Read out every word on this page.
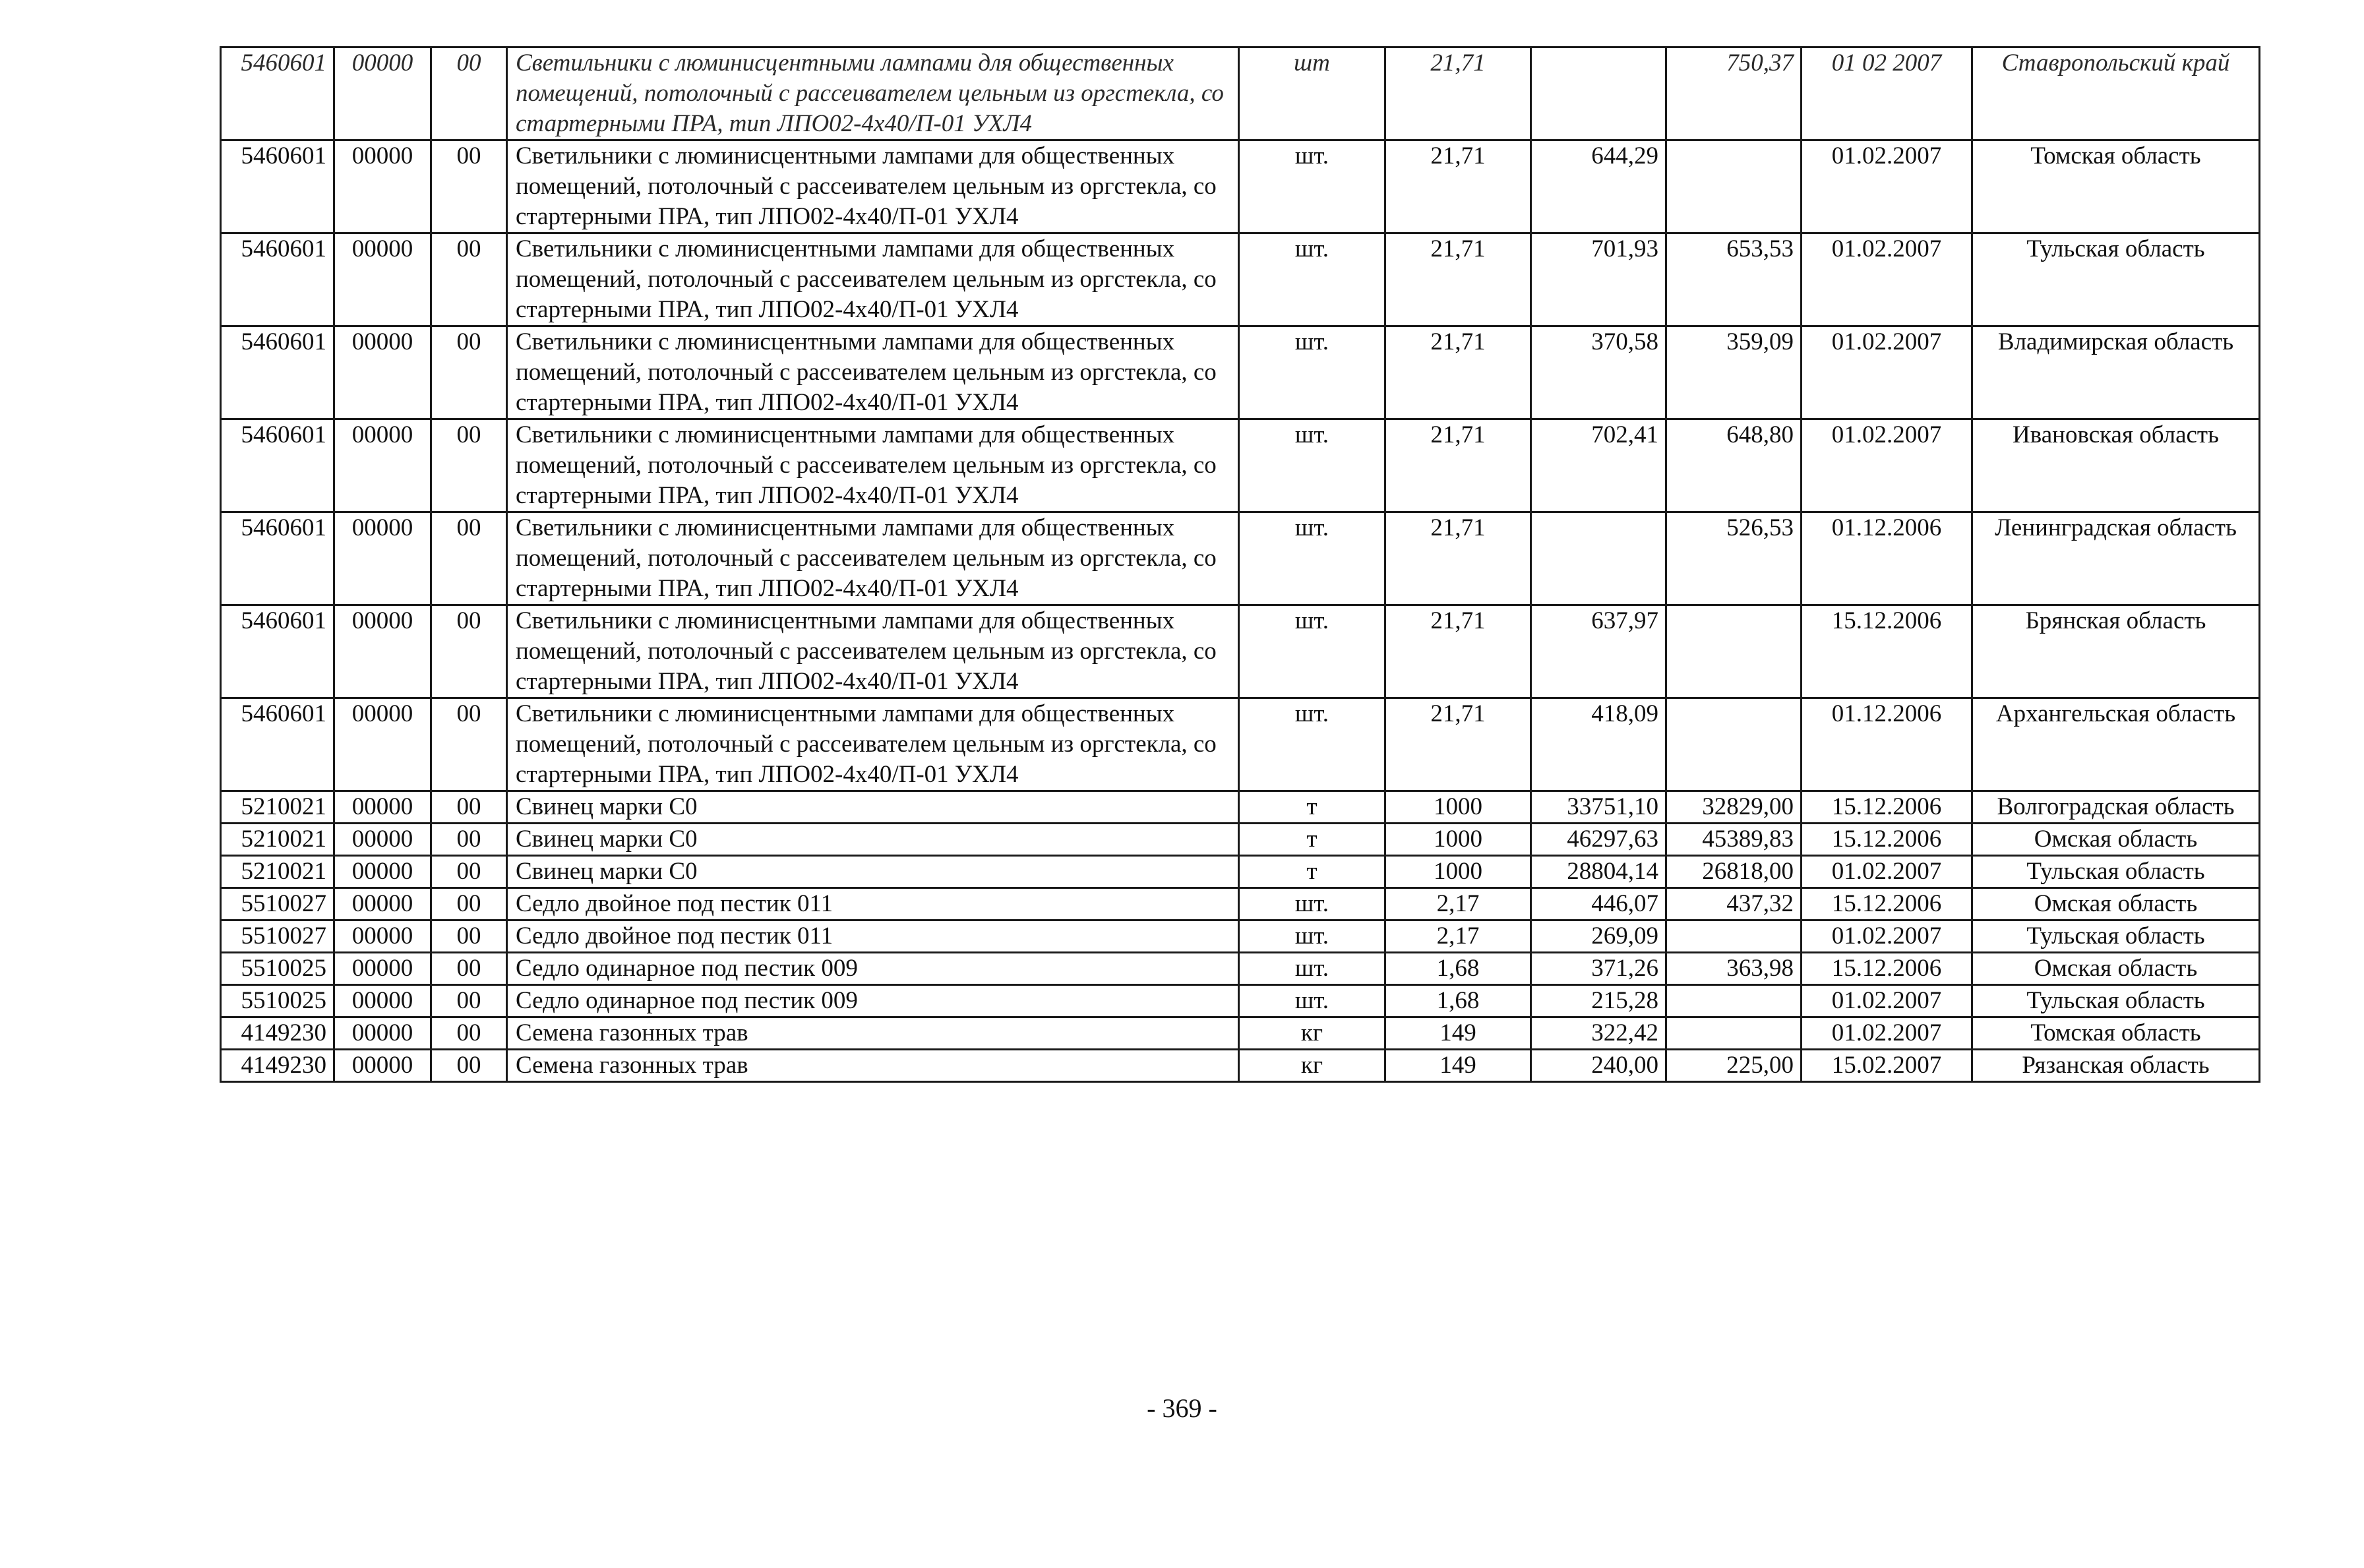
5460601	00000	00	Светильники с люминисцентными лампами для общественных помещений, потолочный с рассеивателем цельным из оргстекла, со стартерными ПРА, тип ЛПО02-4х40/П-01 УХЛ4	шт	21,71		750,37	01 02 2007	Ставропольский край
5460601	00000	00	Светильники с люминисцентными лампами для общественных помещений, потолочный с рассеивателем цельным из оргстекла, со стартерными ПРА, тип ЛПО02-4х40/П-01 УХЛ4	шт.	21,71	644,29		01.02.2007	Томская область
5460601	00000	00	Светильники с люминисцентными лампами для общественных помещений, потолочный с рассеивателем цельным из оргстекла, со стартерными ПРА, тип ЛПО02-4х40/П-01 УХЛ4	шт.	21,71	701,93	653,53	01.02.2007	Тульская область
5460601	00000	00	Светильники с люминисцентными лампами для общественных помещений, потолочный с рассеивателем цельным из оргстекла, со стартерными ПРА, тип ЛПО02-4х40/П-01 УХЛ4	шт.	21,71	370,58	359,09	01.02.2007	Владимирская область
5460601	00000	00	Светильники с люминисцентными лампами для общественных помещений, потолочный с рассеивателем цельным из оргстекла, со стартерными ПРА, тип ЛПО02-4х40/П-01 УХЛ4	шт.	21,71	702,41	648,80	01.02.2007	Ивановская область
5460601	00000	00	Светильники с люминисцентными лампами для общественных помещений, потолочный с рассеивателем цельным из оргстекла, со стартерными ПРА, тип ЛПО02-4х40/П-01 УХЛ4	шт.	21,71		526,53	01.12.2006	Ленинградская область
5460601	00000	00	Светильники с люминисцентными лампами для общественных помещений, потолочный с рассеивателем цельным из оргстекла, со стартерными ПРА, тип ЛПО02-4х40/П-01 УХЛ4	шт.	21,71	637,97		15.12.2006	Брянская область
5460601	00000	00	Светильники с люминисцентными лампами для общественных помещений, потолочный с рассеивателем цельным из оргстекла, со стартерными ПРА, тип ЛПО02-4х40/П-01 УХЛ4	шт.	21,71	418,09		01.12.2006	Архангельская область
5210021	00000	00	Свинец марки С0	т	1000	33751,10	32829,00	15.12.2006	Волгоградская область
5210021	00000	00	Свинец марки С0	т	1000	46297,63	45389,83	15.12.2006	Омская область
5210021	00000	00	Свинец марки С0	т	1000	28804,14	26818,00	01.02.2007	Тульская область
5510027	00000	00	Седло двойное под пестик 011	шт.	2,17	446,07	437,32	15.12.2006	Омская область
5510027	00000	00	Седло двойное под пестик 011	шт.	2,17	269,09		01.02.2007	Тульская область
5510025	00000	00	Седло одинарное под пестик 009	шт.	1,68	371,26	363,98	15.12.2006	Омская область
5510025	00000	00	Седло одинарное под пестик 009	шт.	1,68	215,28		01.02.2007	Тульская область
4149230	00000	00	Семена газонных трав	кг	149	322,42		01.02.2007	Томская область
4149230	00000	00	Семена газонных трав	кг	149	240,00	225,00	15.02.2007	Рязанская область
- 369 -
